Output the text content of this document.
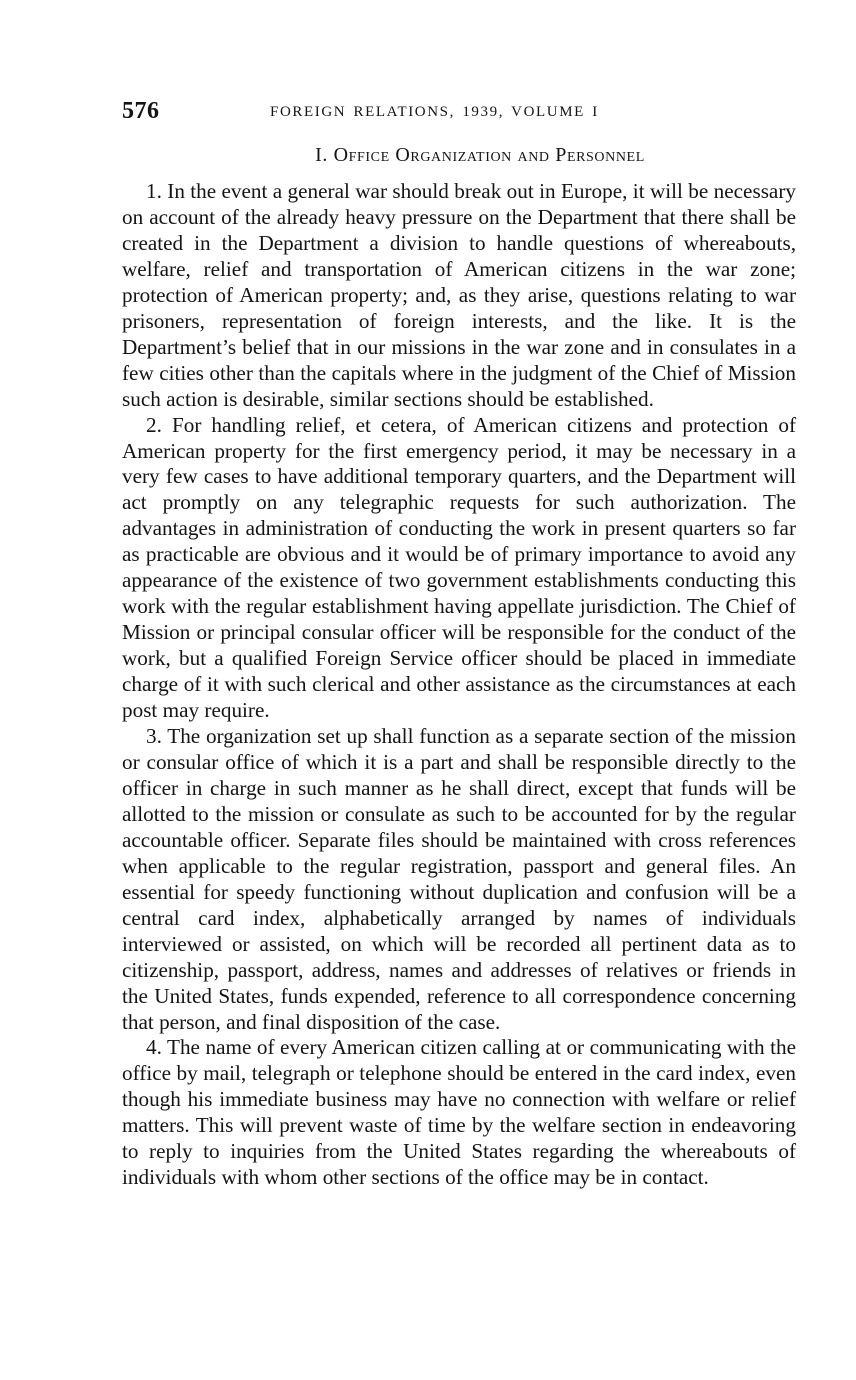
576	FOREIGN RELATIONS, 1939, VOLUME I
I. Office Organization and Personnel

1. In the event a general war should break out in Europe, it will be necessary on account of the already heavy pressure on the Department that there shall be created in the Department a division to handle questions of whereabouts, welfare, relief and transportation of American citizens in the war zone; protection of American property; and, as they arise, questions relating to war prisoners, representation of foreign interests, and the like. It is the Department’s belief that in our missions in the war zone and in consulates in a few cities other than the capitals where in the judgment of the Chief of Mission such action is desirable, similar sections should be established.

2. For handling relief, et cetera, of American citizens and protection of American property for the first emergency period, it may be necessary in a very few cases to have additional temporary quarters, and the Department will act promptly on any telegraphic requests for such authorization. The advantages in administration of conducting the work in present quarters so far as practicable are obvious and it would be of primary importance to avoid any appearance of the existence of two government establishments conducting this work with the regular establishment having appellate jurisdiction. The Chief of Mission or principal consular officer will be responsible for the conduct of the work, but a qualified Foreign Service officer should be placed in immediate charge of it with such clerical and other assistance as the circumstances at each post may require.

3. The organization set up shall function as a separate section of the mission or consular office of which it is a part and shall be responsible directly to the officer in charge in such manner as he shall direct, except that funds will be allotted to the mission or consulate as such to be accounted for by the regular accountable officer. Separate files should be maintained with cross references when applicable to the regular registration, passport and general files. An essential for speedy functioning without duplication and confusion will be a central card index, alphabetically arranged by names of individuals interviewed or assisted, on which will be recorded all pertinent data as to citizenship, passport, address, names and addresses of relatives or friends in the United States, funds expended, reference to all correspondence concerning that person, and final disposition of the case.

4. The name of every American citizen calling at or communicating with the office by mail, telegraph or telephone should be entered in the card index, even though his immediate business may have no connection with welfare or relief matters. This will prevent waste of time by the welfare section in endeavoring to reply to inquiries from the United States regarding the whereabouts of individuals with whom other sections of the office may be in contact.
